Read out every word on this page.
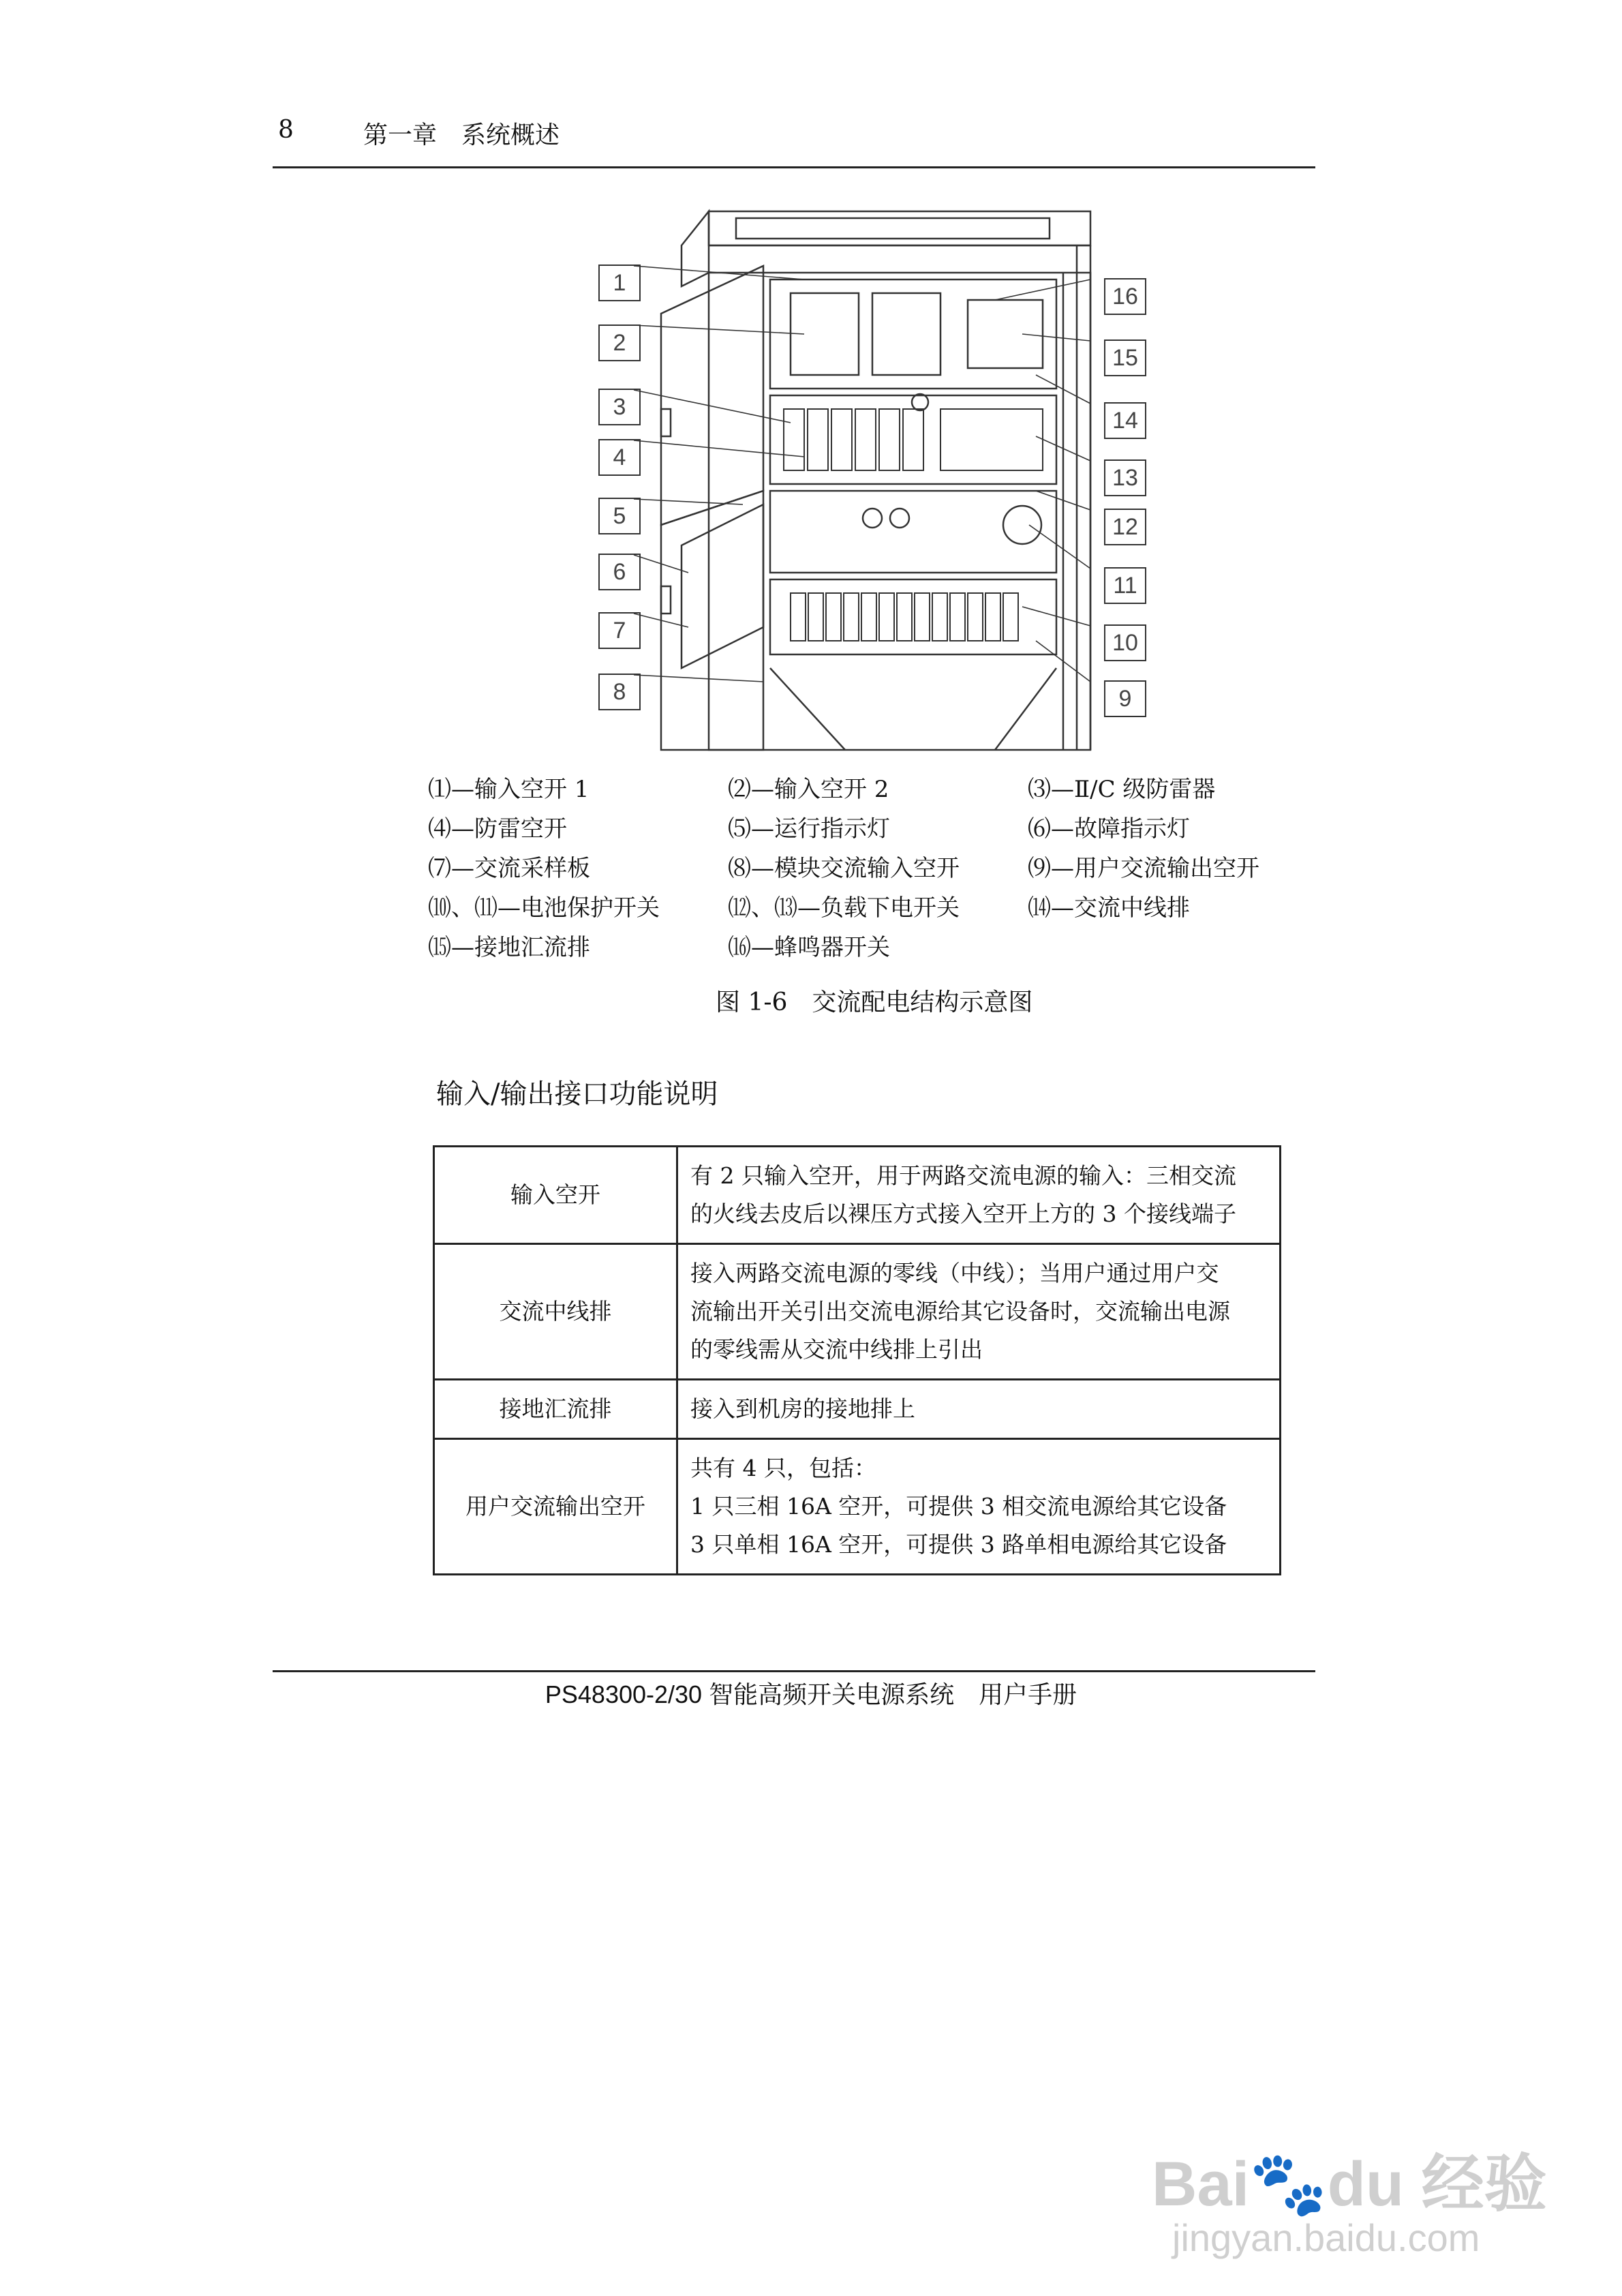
8	第一章　系统概述
图 1-6　交流配电结构示意图
输入/输出接口功能说明
输入空开	有 2 只输入空开，用于两路交流电源的输入：三相交流
的火线去皮后以裸压方式接入空开上方的 3 个接线端子

交流中线排	接入两路交流电源的零线（中线）；当用户通过用户交
流输出开关引出交流电源给其它设备时，交流输出电源
的零线需从交流中线排上引出

接地汇流排	接入到机房的接地排上

用户交流输出空开	共有 4 只，包括：
1 只三相 16A 空开，可提供 3 相交流电源给其它设备
3 只单相 16A 空开，可提供 3 路单相电源给其它设备
PS48300-2/30 智能高频开关电源系统　用户手册
Bai🐾du 经验
jingyan.baidu.com
1
2
3
4
5
6
7
8
16
15
14
13
12
11
10
9
⑴—输入空开 1	⑵—输入空开 2	⑶—Ⅱ/C 级防雷器
⑷—防雷空开	⑸—运行指示灯	⑹—故障指示灯
⑺—交流采样板	⑻—模块交流输入空开	⑼—用户交流输出空开
⑽、⑾—电池保护开关	⑿、⒀—负载下电开关	⒁—交流中线排
⒂—接地汇流排	⒃—蜂鸣器开关
